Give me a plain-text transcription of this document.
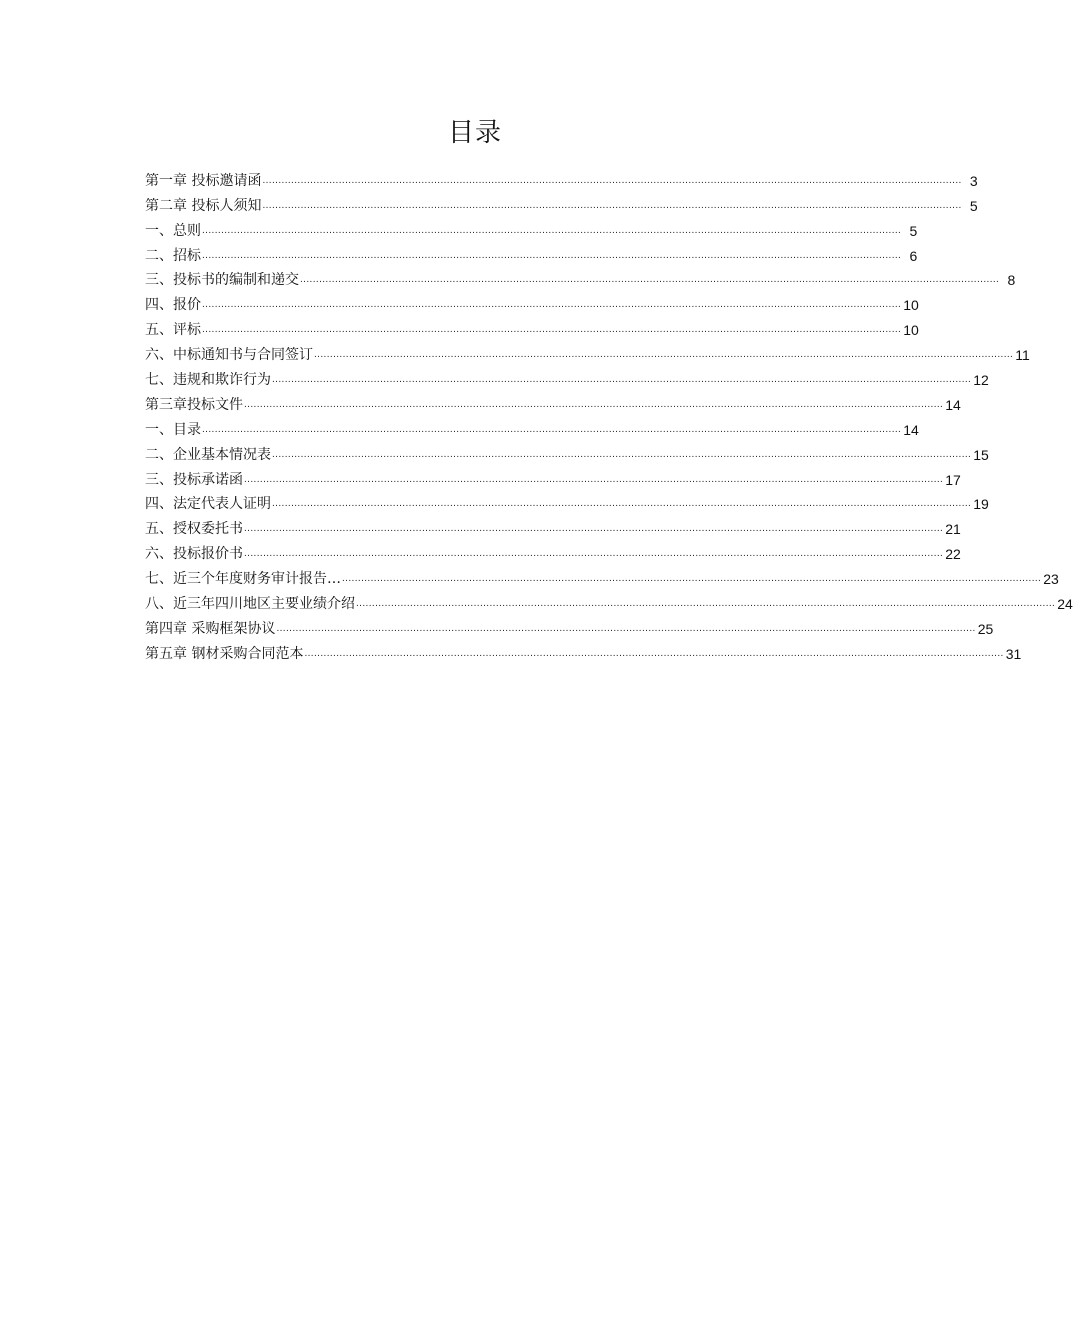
目录
第一章 投标邀请函 ............................................................................................................................................................................................................................ 3
第二章 投标人须知 ............................................................................................................................................................................................................................ 5
一、总则 ............................................................................................................................................................................................................................ 5
二、招标 ............................................................................................................................................................................................................................ 6
三、投标书的编制和递交 ............................................................................................................................................................................................................................ 8
四、报价 ............................................................................................................................................................................................................................ 10
五、评标 ............................................................................................................................................................................................................................ 10
六、中标通知书与合同签订 ............................................................................................................................................................................................................................ 11
七、违规和欺诈行为 ............................................................................................................................................................................................................................ 12
第三章投标文件 ............................................................................................................................................................................................................................ 14
一、目录 ............................................................................................................................................................................................................................ 14
二、企业基本情况表 ............................................................................................................................................................................................................................ 15
三、投标承诺函 ............................................................................................................................................................................................................................ 17
四、法定代表人证明 ............................................................................................................................................................................................................................ 19
五、授权委托书 ............................................................................................................................................................................................................................ 21
六、投标报价书 ............................................................................................................................................................................................................................ 22
七、近三个年度财务审计报告… ............................................................................................................................................................................................................................ 23
八、近三年四川地区主要业绩介绍 ............................................................................................................................................................................................................................ 24
第四章 采购框架协议 ............................................................................................................................................................................................................................ 25
第五章 钢材采购合同范本 ............................................................................................................................................................................................................................ 31
